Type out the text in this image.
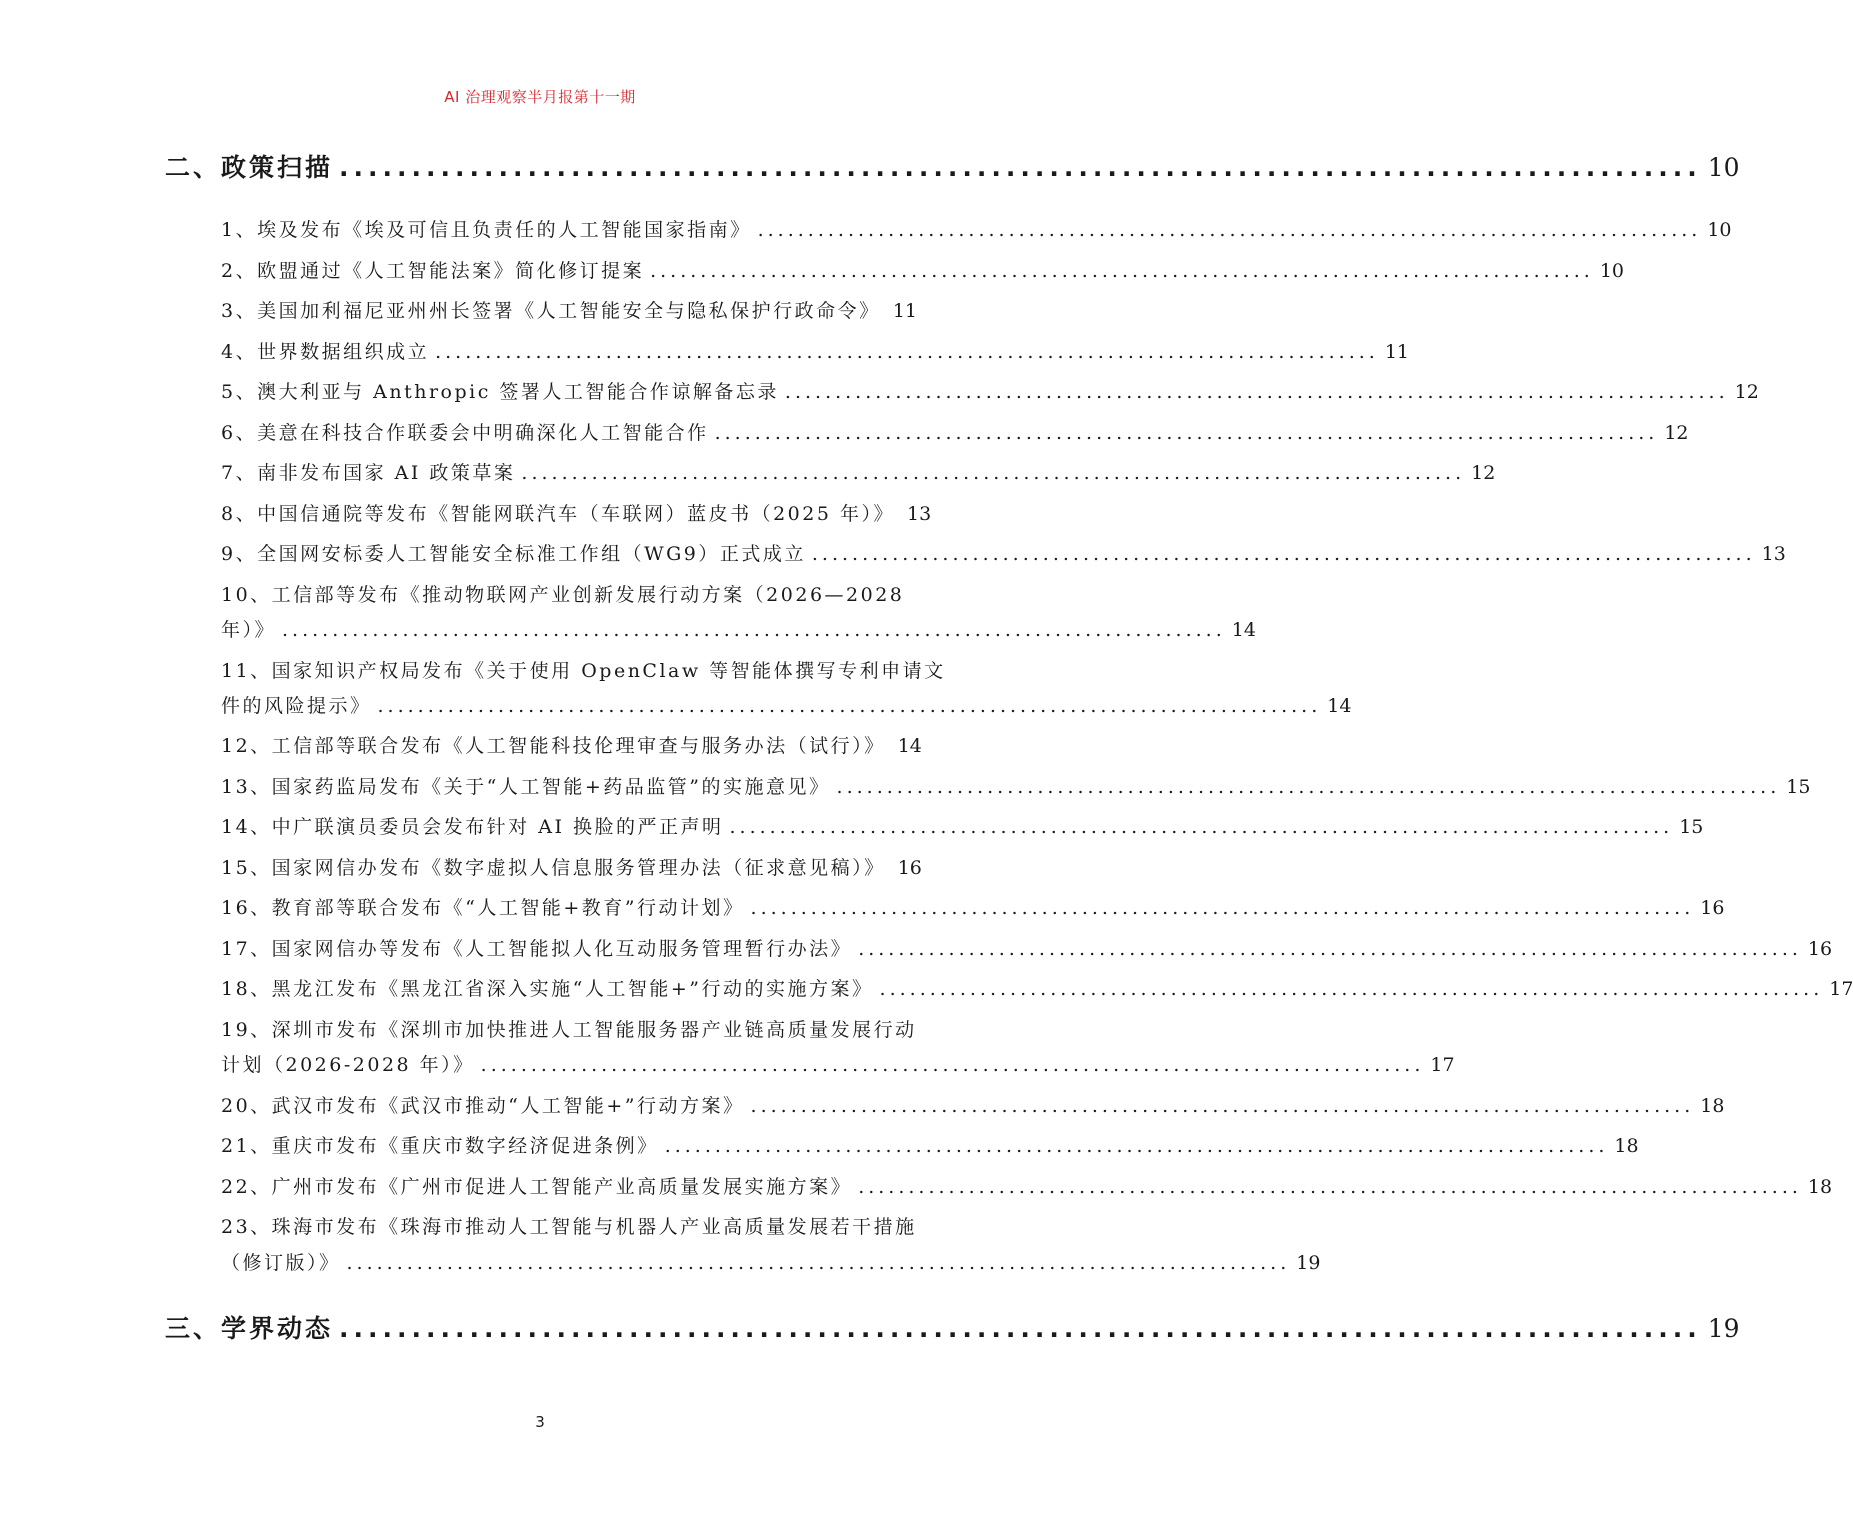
AI 治理观察半月报第十一期
二、政策扫描 .............................................................................................. 10
1、埃及发布《埃及可信且负责任的人工智能国家指南》 .............................................................................................. 10
2、欧盟通过《人工智能法案》简化修订提案 .............................................................................................. 10
3、美国加利福尼亚州州长签署《人工智能安全与隐私保护行政命令》 11
4、世界数据组织成立 .............................................................................................. 11
5、澳大利亚与 Anthropic 签署人工智能合作谅解备忘录 .............................................................................................. 12
6、美意在科技合作联委会中明确深化人工智能合作 .............................................................................................. 12
7、南非发布国家 AI 政策草案 .............................................................................................. 12
8、中国信通院等发布《智能网联汽车（车联网）蓝皮书（2025 年）》 13
9、全国网安标委人工智能安全标准工作组（WG9）正式成立 .............................................................................................. 13
10、工信部等发布《推动物联网产业创新发展行动方案（2026—2028
年）》 .............................................................................................. 14
11、国家知识产权局发布《关于使用 OpenClaw 等智能体撰写专利申请文
件的风险提示》 .............................................................................................. 14
12、工信部等联合发布《人工智能科技伦理审查与服务办法（试行）》 14
13、国家药监局发布《关于“人工智能+药品监管”的实施意见》 .............................................................................................. 15
14、中广联演员委员会发布针对 AI 换脸的严正声明 .............................................................................................. 15
15、国家网信办发布《数字虚拟人信息服务管理办法（征求意见稿）》 16
16、教育部等联合发布《“人工智能+教育”行动计划》 .............................................................................................. 16
17、国家网信办等发布《人工智能拟人化互动服务管理暂行办法》 .............................................................................................. 16
18、黑龙江发布《黑龙江省深入实施“人工智能+”行动的实施方案》 .............................................................................................. 17
19、深圳市发布《深圳市加快推进人工智能服务器产业链高质量发展行动
计划（2026-2028 年）》 .............................................................................................. 17
20、武汉市发布《武汉市推动“人工智能+”行动方案》 .............................................................................................. 18
21、重庆市发布《重庆市数字经济促进条例》 .............................................................................................. 18
22、广州市发布《广州市促进人工智能产业高质量发展实施方案》 .............................................................................................. 18
23、珠海市发布《珠海市推动人工智能与机器人产业高质量发展若干措施
（修订版）》 .............................................................................................. 19
三、学界动态 .............................................................................................. 19
3
